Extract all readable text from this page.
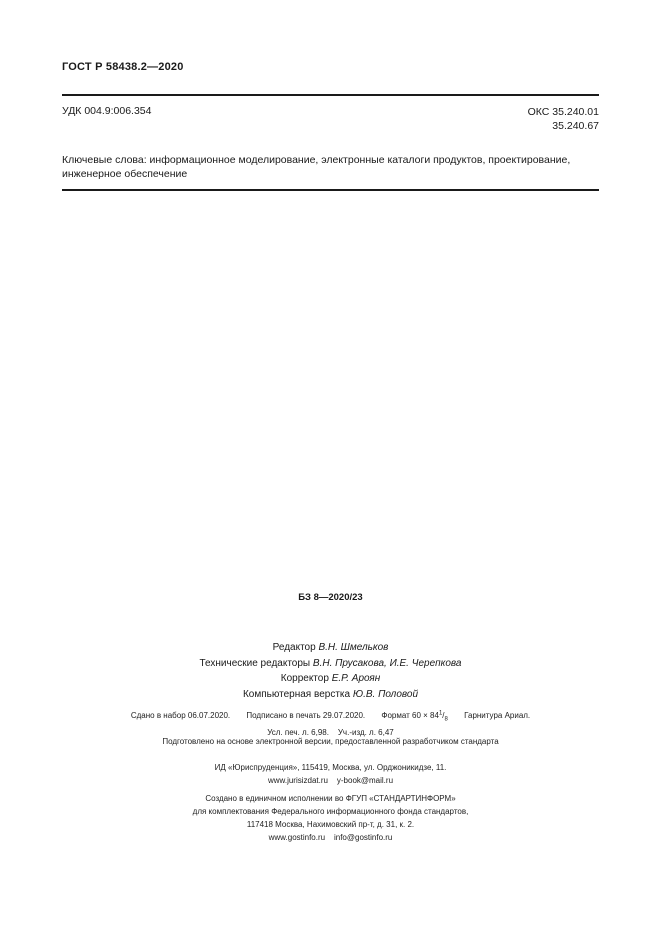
ГОСТ Р 58438.2—2020
УДК 004.9:006.354	ОКС 35.240.01
35.240.67
Ключевые слова: информационное моделирование, электронные каталоги продуктов, проектирование, инженерное обеспечение
БЗ 8—2020/23
Редактор В.Н. Шмельков
Технические редакторы В.Н. Прусакова, И.Е. Черепкова
Корректор Е.Р. Ароян
Компьютерная верстка Ю.В. Половой
Сдано в набор 06.07.2020. Подписано в печать 29.07.2020. Формат $60 \times 84^1/_8$ Гарнитура Ариал.
Усл. печ. л. 6,98. Уч.-изд. л. 6,47
Подготовлено на основе электронной версии, предоставленной разработчиком стандарта
ИД «Юриспруденция», 115419, Москва, ул. Орджоникидзе, 11.
www.jurisizdat.ru    y-book@mail.ru
Создано в единичном исполнении во ФГУП «СТАНДАРТИНФОРМ»
для комплектования Федерального информационного фонда стандартов,
117418 Москва, Нахимовский пр-т, д. 31, к. 2.
www.gostinfo.ru    info@gostinfo.ru
